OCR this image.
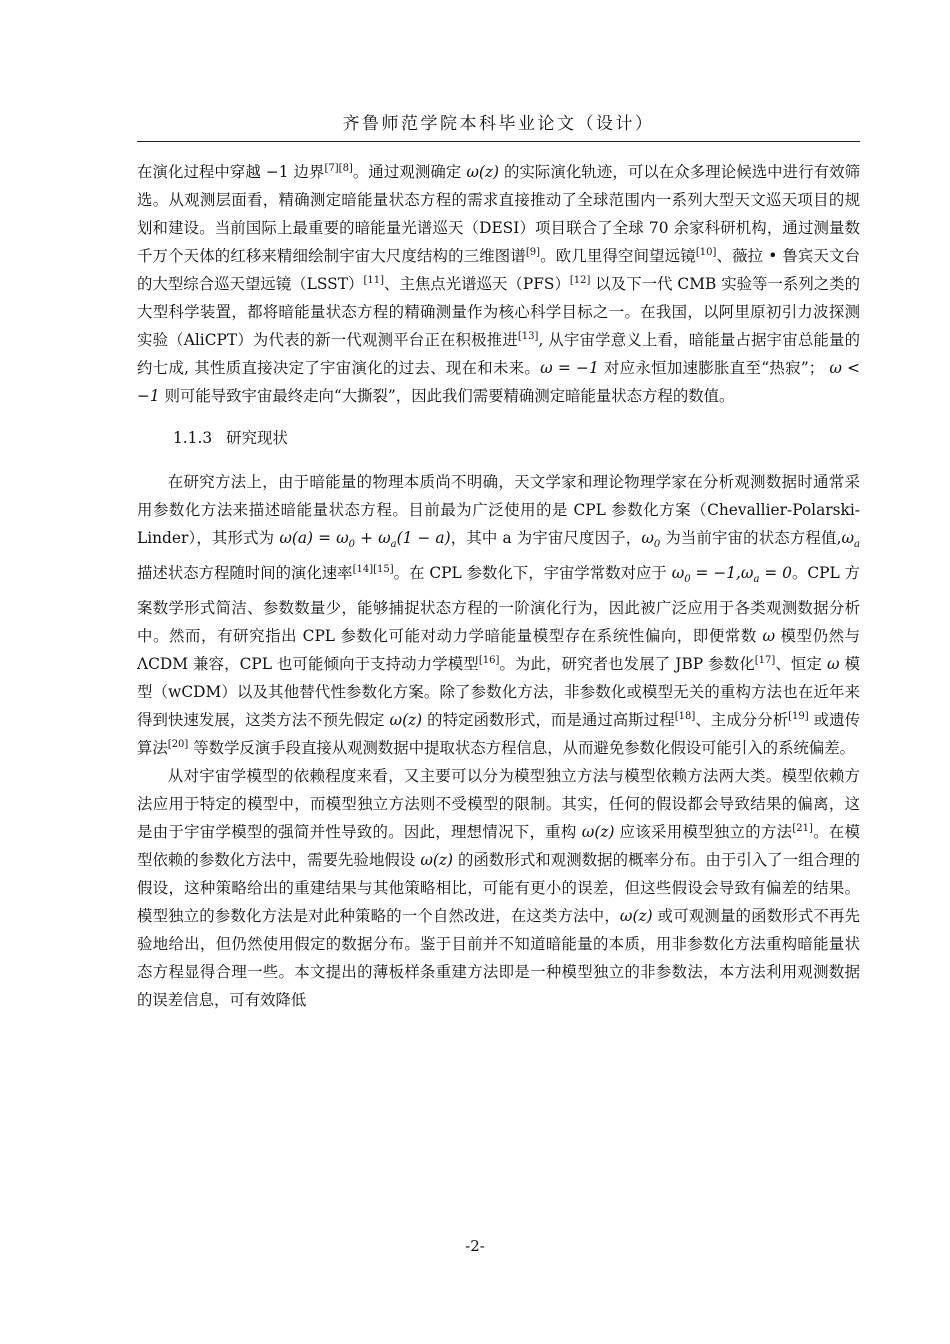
齐鲁师范学院本科毕业论文（设计）

在演化过程中穿越 −1 边界[7][8]。通过观测确定 ω(z) 的实际演化轨迹，可以在众多理论候选中进行有效筛选。从观测层面看，精确测定暗能量状态方程的需求直接推动了全球范围内一系列大型天文巡天项目的规划和建设。当前国际上最重要的暗能量光谱巡天（DESI）项目联合了全球 70 余家科研机构，通过测量数千万个天体的红移来精细绘制宇宙大尺度结构的三维图谱[9]。欧几里得空间望远镜[10]、薇拉 • 鲁宾天文台的大型综合巡天望远镜（LSST）[11]、主焦点光谱巡天（PFS）[12] 以及下一代 CMB 实验等一系列之类的大型科学装置，都将暗能量状态方程的精确测量作为核心科学目标之一。在我国，以阿里原初引力波探测实验（AliCPT）为代表的新一代观测平台正在积极推进[13], 从宇宙学意义上看，暗能量占据宇宙总能量的约七成, 其性质直接决定了宇宙演化的过去、现在和未来。ω = −1 对应永恒加速膨胀直至“热寂”； ω < −1 则可能导致宇宙最终走向“大撕裂”，因此我们需要精确测定暗能量状态方程的数值。

1.1.3 研究现状

在研究方法上，由于暗能量的物理本质尚不明确，天文学家和理论物理学家在分析观测数据时通常采用参数化方法来描述暗能量状态方程。目前最为广泛使用的是 CPL 参数化方案（Chevallier-Polarski-Linder），其形式为 $\omega(a) = \omega_0 + \omega_a(1 - a)$，其中 a 为宇宙尺度因子，$\omega_0$ 为当前宇宙的状态方程值$,\omega_a$ 描述状态方程随时间的演化速率[14][15]。在 CPL 参数化下，宇宙学常数对应于 $\omega_0 = -1,\omega_a = 0$。CPL 方案数学形式简洁、参数数量少，能够捕捉状态方程的一阶演化行为，因此被广泛应用于各类观测数据分析中。然而，有研究指出 CPL 参数化可能对动力学暗能量模型存在系统性偏向，即便常数 ω 模型仍然与 ΛCDM 兼容，CPL 也可能倾向于支持动力学模型[16]。为此，研究者也发展了 JBP 参数化[17]、恒定 ω 模型（wCDM）以及其他替代性参数化方案。除了参数化方法，非参数化或模型无关的重构方法也在近年来得到快速发展，这类方法不预先假定 ω(z) 的特定函数形式，而是通过高斯过程[18]、主成分分析[19] 或遗传算法[20] 等数学反演手段直接从观测数据中提取状态方程信息，从而避免参数化假设可能引入的系统偏差。

从对宇宙学模型的依赖程度来看，又主要可以分为模型独立方法与模型依赖方法两大类。模型依赖方法应用于特定的模型中，而模型独立方法则不受模型的限制。其实，任何的假设都会导致结果的偏离，这是由于宇宙学模型的强简并性导致的。因此，理想情况下，重构 ω(z) 应该采用模型独立的方法[21]。在模型依赖的参数化方法中，需要先验地假设 ω(z) 的函数形式和观测数据的概率分布。由于引入了一组合理的假设，这种策略给出的重建结果与其他策略相比，可能有更小的误差，但这些假设会导致有偏差的结果。模型独立的参数化方法是对此种策略的一个自然改进，在这类方法中，ω(z) 或可观测量的函数形式不再先验地给出，但仍然使用假定的数据分布。鉴于目前并不知道暗能量的本质，用非参数化方法重构暗能量状态方程显得合理一些。本文提出的薄板样条重建方法即是一种模型独立的非参数法，本方法利用观测数据的误差信息，可有效降低

-2-
